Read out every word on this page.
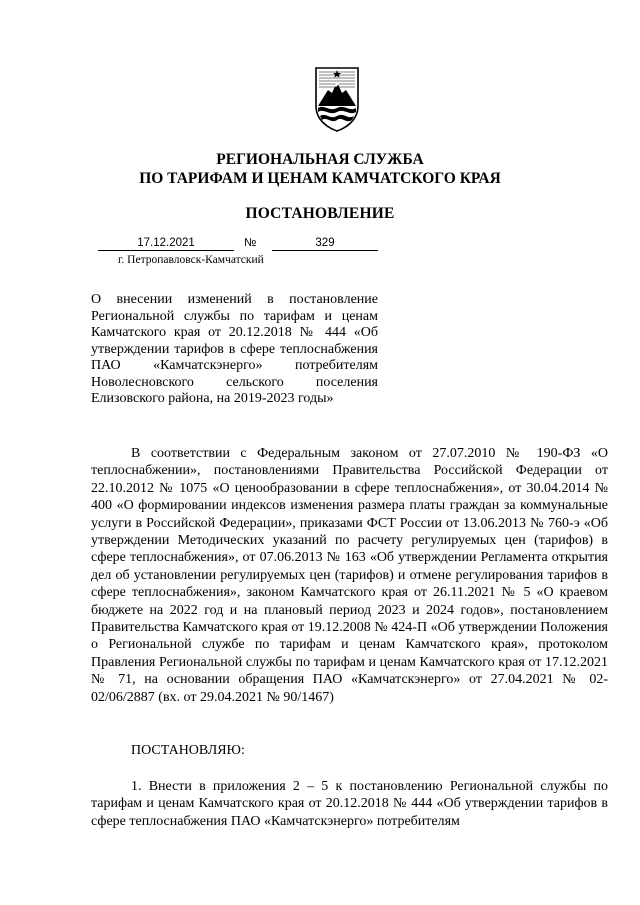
РЕГИОНАЛЬНАЯ СЛУЖБА
ПО ТАРИФАМ И ЦЕНАМ КАМЧАТСКОГО КРАЯ
ПОСТАНОВЛЕНИЕ
17.12.2021	№	329
г. Петропавловск-Камчатский
О внесении изменений в постановление Региональной службы по тарифам и ценам Камчатского края от 20.12.2018 № 444 «Об утверждении тарифов в сфере теплоснабжения ПАО «Камчатскэнерго» потребителям Новолесновского сельского поселения Елизовского района, на 2019-2023 годы»
В соответствии с Федеральным законом от 27.07.2010 № 190-ФЗ «О теплоснабжении», постановлениями Правительства Российской Федерации от 22.10.2012 № 1075 «О ценообразовании в сфере теплоснабжения», от 30.04.2014 № 400 «О формировании индексов изменения размера платы граждан за коммунальные услуги в Российской Федерации», приказами ФСТ России от 13.06.2013 № 760-э «Об утверждении Методических указаний по расчету регулируемых цен (тарифов) в сфере теплоснабжения», от 07.06.2013 № 163 «Об утверждении Регламента открытия дел об установлении регулируемых цен (тарифов) и отмене регулирования тарифов в сфере теплоснабжения», законом Камчатского края от 26.11.2021 № 5 «О краевом бюджете на 2022 год и на плановый период 2023 и 2024 годов», постановлением Правительства Камчатского края от 19.12.2008 № 424-П «Об утверждении Положения о Региональной службе по тарифам и ценам Камчатского края», протоколом Правления Региональной службы по тарифам и ценам Камчатского края от 17.12.2021 № 71, на основании обращения ПАО «Камчатскэнерго» от 27.04.2021 № 02-02/06/2887 (вх. от 29.04.2021 № 90/1467)
ПОСТАНОВЛЯЮ:
1. Внести в приложения 2 – 5 к постановлению Региональной службы по тарифам и ценам Камчатского края от 20.12.2018 № 444 «Об утверждении тарифов в сфере теплоснабжения ПАО «Камчатскэнерго» потребителям
